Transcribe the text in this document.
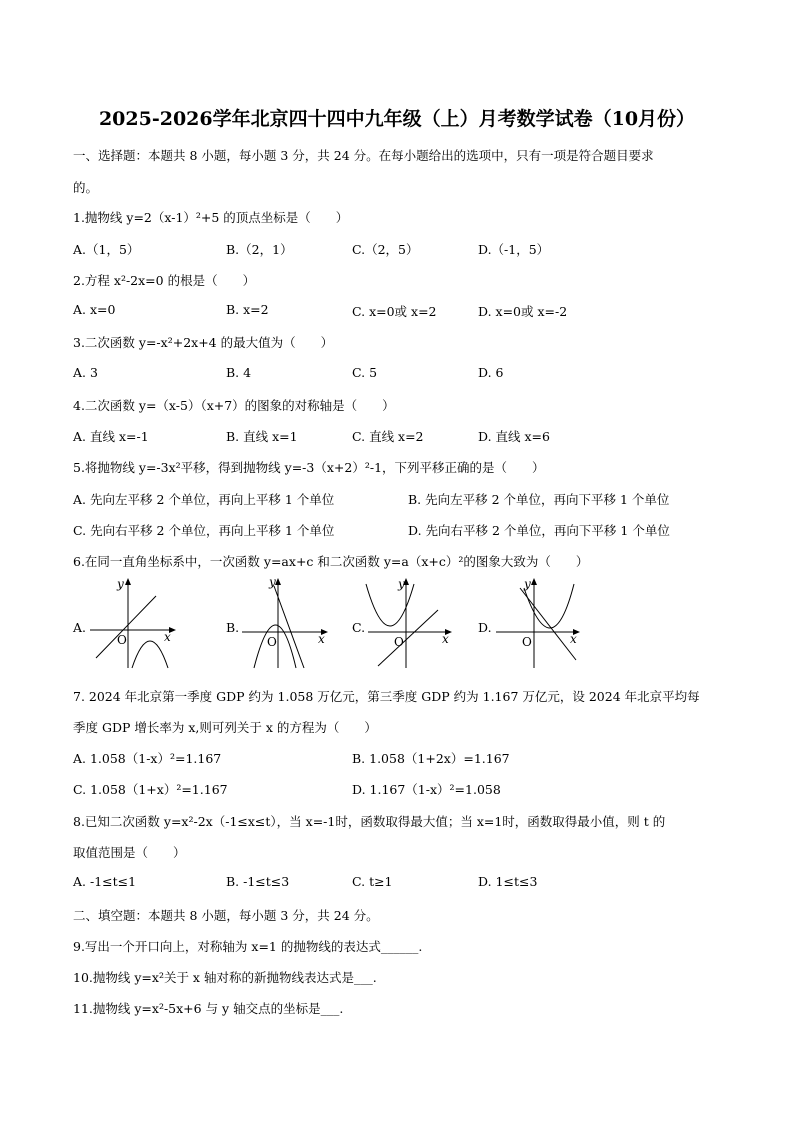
2025-2026学年北京四十四中九年级（上）月考数学试卷（10月份）
一、选择题：本题共 8 小题，每小题 3 分，共 24 分。在每小题给出的选项中，只有一项是符合题目要求
的。
1.抛物线 y=2（x-1）²+5 的顶点坐标是（　　）
A.（1，5）	B.（2，1）	C.（2，5）	D.（-1，5）
2.方程 x²-2x=0 的根是（　　）
A. x=0	B. x=2	C. x=0或 x=2	D. x=0或 x=-2
3.二次函数 y=-x²+2x+4 的最大值为（　　）
A. 3	B. 4	C. 5	D. 6
4.二次函数 y=（x-5）（x+7）的图象的对称轴是（　　）
A. 直线 x=-1	B. 直线 x=1	C. 直线 x=2	D. 直线 x=6
5.将抛物线 y=-3x²平移，得到抛物线 y=-3（x+2）²-1，下列平移正确的是（　　）
A. 先向左平移 2 个单位，再向上平移 1 个单位	B. 先向左平移 2 个单位，再向下平移 1 个单位
C. 先向右平移 2 个单位，再向上平移 1 个单位	D. 先向右平移 2 个单位，再向下平移 1 个单位
6.在同一直角坐标系中，一次函数 y=ax+c 和二次函数 y=a（x+c）²的图象大致为（　　）
A.
y
x
O
B.
y
x
O
C.
y
x
O
D.
y
x
O
7. 2024 年北京第一季度 GDP 约为 1.058 万亿元，第三季度 GDP 约为 1.167 万亿元，设 2024 年北京平均每
季度 GDP 增长率为 x,则可列关于 x 的方程为（　　）
A. 1.058（1-x）²=1.167	B. 1.058（1+2x）=1.167
C. 1.058（1+x）²=1.167	D. 1.167（1-x）²=1.058
8.已知二次函数 y=x²-2x（-1≤x≤t），当 x=-1时，函数取得最大值；当 x=1时，函数取得最小值，则 t 的
取值范围是（　　）
A. -1≤t≤1	B. -1≤t≤3	C. t≥1	D. 1≤t≤3
二、填空题：本题共 8 小题，每小题 3 分，共 24 分。
9.写出一个开口向上，对称轴为 x=1 的抛物线的表达式______.
10.抛物线 y=x²关于 x 轴对称的新抛物线表达式是___.
11.抛物线 y=x²-5x+6 与 y 轴交点的坐标是___.
